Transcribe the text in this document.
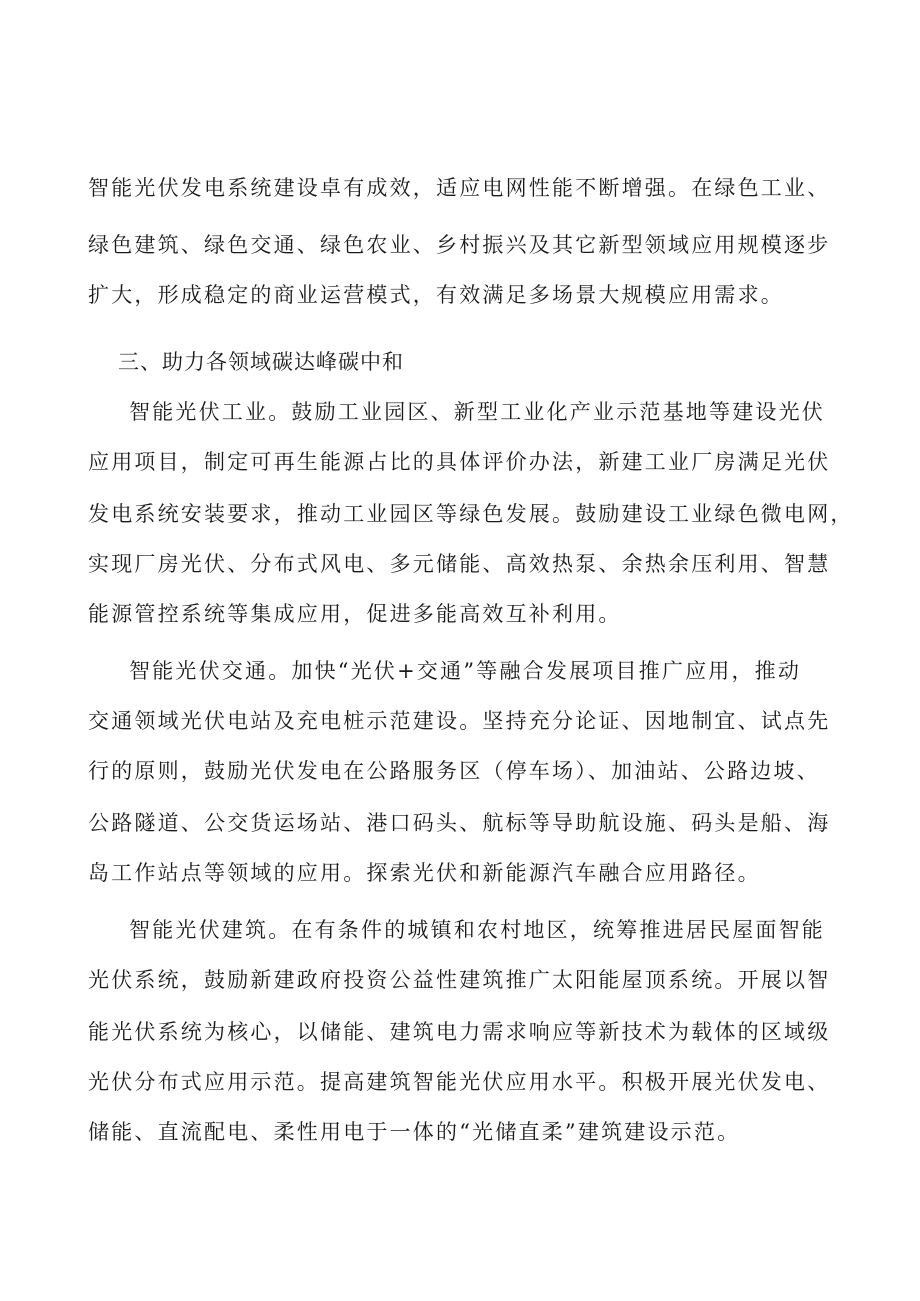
智能光伏发电系统建设卓有成效，适应电网性能不断增强。在绿色工业、
绿色建筑、绿色交通、绿色农业、乡村振兴及其它新型领域应用规模逐步
扩大，形成稳定的商业运营模式，有效满足多场景大规模应用需求。
三、助力各领域碳达峰碳中和
智能光伏工业。鼓励工业园区、新型工业化产业示范基地等建设光伏
应用项目，制定可再生能源占比的具体评价办法，新建工业厂房满足光伏
发电系统安装要求，推动工业园区等绿色发展。鼓励建设工业绿色微电网，
实现厂房光伏、分布式风电、多元储能、高效热泵、余热余压利用、智慧
能源管控系统等集成应用，促进多能高效互补利用。
智能光伏交通。加快“光伏+交通”等融合发展项目推广应用，推动
交通领域光伏电站及充电桩示范建设。坚持充分论证、因地制宜、试点先
行的原则，鼓励光伏发电在公路服务区（停车场）、加油站、公路边坡、
公路隧道、公交货运场站、港口码头、航标等导助航设施、码头是船、海
岛工作站点等领域的应用。探索光伏和新能源汽车融合应用路径。
智能光伏建筑。在有条件的城镇和农村地区，统筹推进居民屋面智能
光伏系统，鼓励新建政府投资公益性建筑推广太阳能屋顶系统。开展以智
能光伏系统为核心，以储能、建筑电力需求响应等新技术为载体的区域级
光伏分布式应用示范。提高建筑智能光伏应用水平。积极开展光伏发电、
储能、直流配电、柔性用电于一体的“光储直柔”建筑建设示范。
